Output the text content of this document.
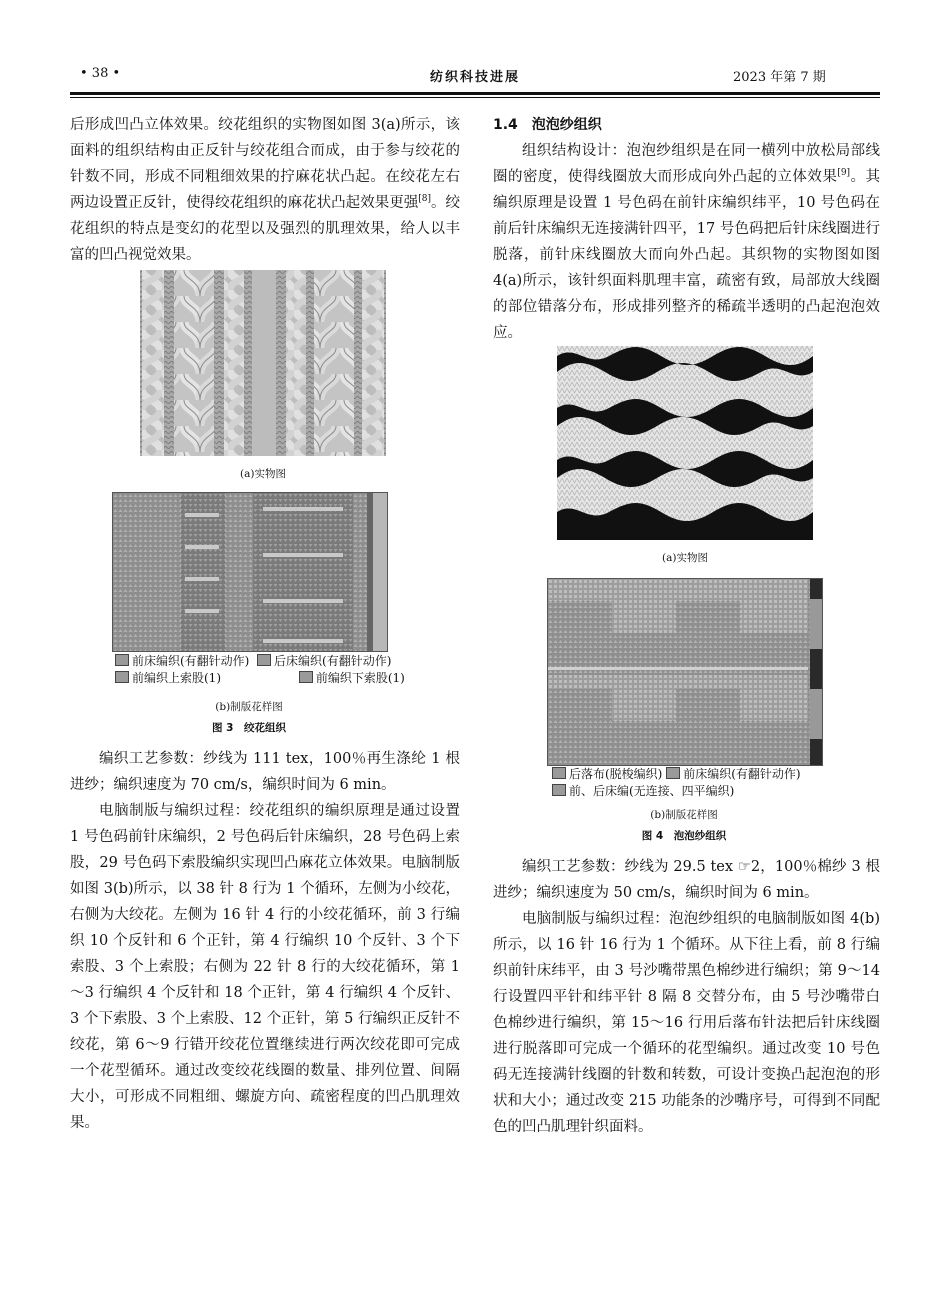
• 38 •	纺织科技进展	2023 年第 7 期

后形成凹凸立体效果。绞花组织的实物图如图 3(a)所示，该面料的组织结构由正反针与绞花组合而成，由于参与绞花的针数不同，形成不同粗细效果的拧麻花状凸起。在绞花左右两边设置正反针，使得绞花组织的麻花状凸起效果更强[8]。绞花组织的特点是变幻的花型以及强烈的肌理效果，给人以丰富的凹凸视觉效果。

(a)实物图
前床编织(有翻针动作) 后床编织(有翻针动作)
前编织上索股(1)	前编织下索股(1)
(b)制版花样图
图 3　绞花组织

编织工艺参数：纱线为 111 tex，100％再生涤纶 1 根进纱；编织速度为 70 cm/s，编织时间为 6 min。

电脑制版与编织过程：绞花组织的编织原理是通过设置 1 号色码前针床编织，2 号色码后针床编织，28 号色码上索股，29 号色码下索股编织实现凹凸麻花立体效果。电脑制版如图 3(b)所示，以 38 针 8 行为 1 个循环，左侧为小绞花，右侧为大绞花。左侧为 16 针 4 行的小绞花循环，前 3 行编织 10 个反针和 6 个正针，第 4 行编织 10 个反针、3 个下索股、3 个上索股；右侧为 22 针 8 行的大绞花循环，第 1～3 行编织 4 个反针和 18 个正针，第 4 行编织 4 个反针、3 个下索股、3 个上索股、12 个正针，第 5 行编织正反针不绞花，第 6～9 行错开绞花位置继续进行两次绞花即可完成一个花型循环。通过改变绞花线圈的数量、排列位置、间隔大小，可形成不同粗细、螺旋方向、疏密程度的凹凸肌理效果。

1.4　泡泡纱组织

组织结构设计：泡泡纱组织是在同一横列中放松局部线圈的密度，使得线圈放大而形成向外凸起的立体效果[9]。其编织原理是设置 1 号色码在前针床编织纬平，10 号色码在前后针床编织无连接满针四平，17 号色码把后针床线圈进行脱落，前针床线圈放大而向外凸起。其织物的实物图如图 4(a)所示，该针织面料肌理丰富，疏密有致，局部放大线圈的部位错落分布，形成排列整齐的稀疏半透明的凸起泡泡效应。

(a)实物图
后落布(脱梭编织) 前床编织(有翻针动作)
前、后床编(无连接、四平编织)
(b)制版花样图
图 4　泡泡纱组织

编织工艺参数：纱线为 29.5 tex ☞2，100％棉纱 3 根进纱；编织速度为 50 cm/s，编织时间为 6 min。

电脑制版与编织过程：泡泡纱组织的电脑制版如图 4(b)所示，以 16 针 16 行为 1 个循环。从下往上看，前 8 行编织前针床纬平，由 3 号沙嘴带黑色棉纱进行编织；第 9～14 行设置四平针和纬平针 8 隔 8 交替分布，由 5 号沙嘴带白色棉纱进行编织，第 15～16 行用后落布针法把后针床线圈进行脱落即可完成一个循环的花型编织。通过改变 10 号色码无连接满针线圈的针数和转数，可设计变换凸起泡泡的形状和大小；通过改变 215 功能条的沙嘴序号，可得到不同配色的凹凸肌理针织面料。
